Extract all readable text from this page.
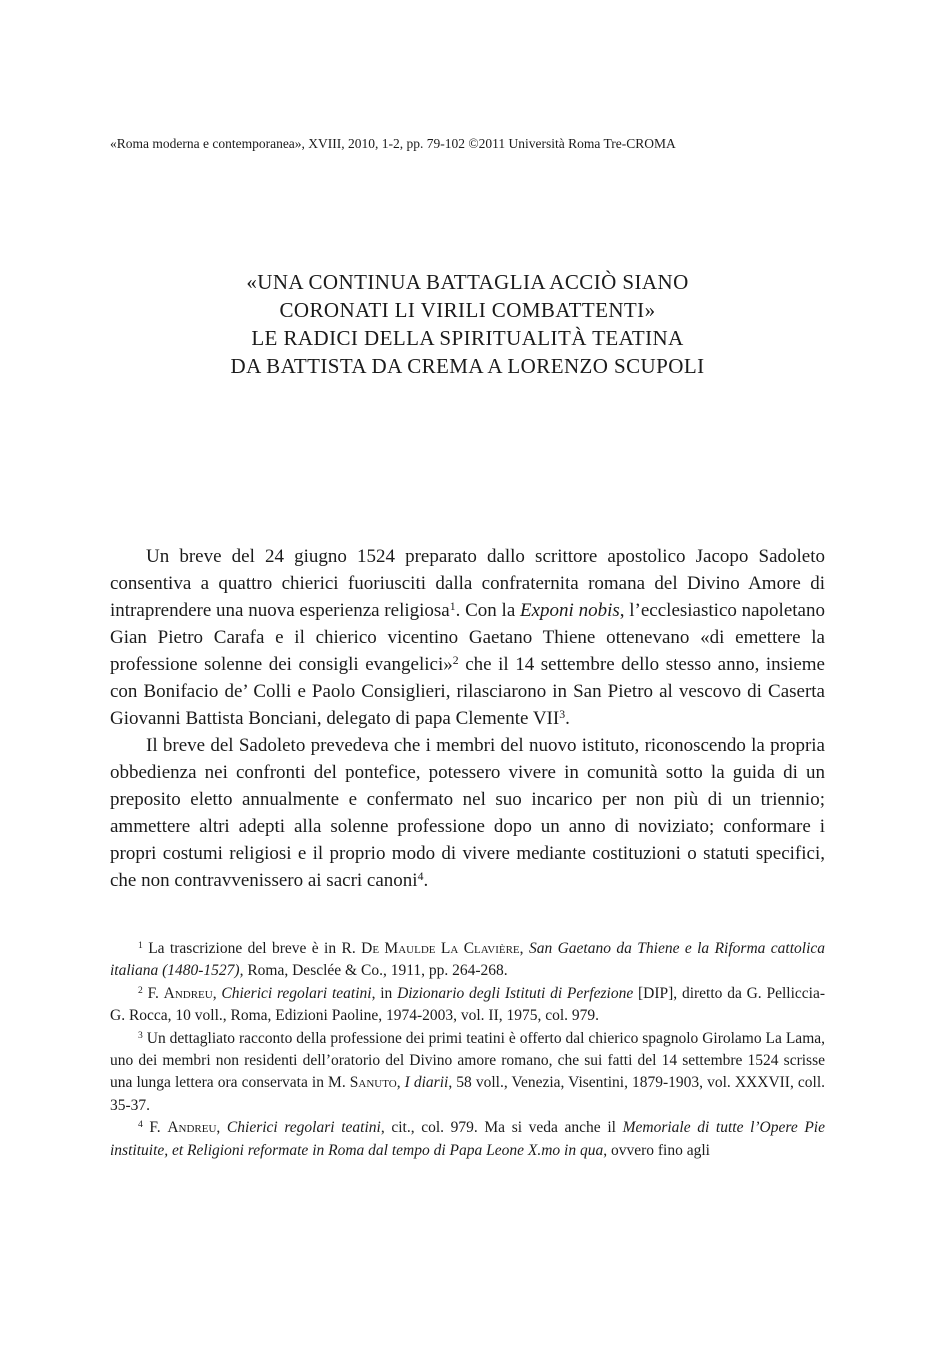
«Roma moderna e contemporanea», XVIII, 2010, 1-2, pp. 79-102 ©2011 Università Roma Tre-CROMA
«UNA CONTINUA BATTAGLIA ACCIÒ SIANO
CORONATI LI VIRILI COMBATTENTI»
LE RADICI DELLA SPIRITUALITÀ TEATINA
DA BATTISTA DA CREMA A LORENZO SCUPOLI

Un breve del 24 giugno 1524 preparato dallo scrittore apostolico Jacopo Sadoleto consentiva a quattro chierici fuoriusciti dalla confraternita romana del Divino Amore di intraprendere una nuova esperienza religiosa$^1$. Con la Exponi nobis, l’ecclesiastico napoletano Gian Pietro Carafa e il chierico vicentino Gaetano Thiene ottenevano «di emettere la professione solenne dei consigli evangelici»$^2$ che il 14 settembre dello stesso anno, insieme con Bonifacio de’ Colli e Paolo Consiglieri, rilasciarono in San Pietro al vescovo di Caserta Giovanni Battista Bonciani, delegato di papa Clemente VII$^3$.

Il breve del Sadoleto prevedeva che i membri del nuovo istituto, riconoscendo la propria obbedienza nei confronti del pontefice, potessero vivere in comunità sotto la guida di un preposito eletto annualmente e confermato nel suo incarico per non più di un triennio; ammettere altri adepti alla solenne professione dopo un anno di noviziato; conformare i propri costumi religiosi e il proprio modo di vivere mediante costituzioni o statuti specifici, che non contravvenissero ai sacri canoni$^4$.

$^1$ La trascrizione del breve è in R. De Maulde La Clavière, San Gaetano da Thiene e la Riforma cattolica italiana (1480-1527), Roma, Desclée & Co., 1911, pp. 264-268.

$^2$ F. Andreu, Chierici regolari teatini, in Dizionario degli Istituti di Perfezione [DIP], diretto da G. Pelliccia-G. Rocca, 10 voll., Roma, Edizioni Paoline, 1974-2003, vol. II, 1975, col. 979.

$^3$ Un dettagliato racconto della professione dei primi teatini è offerto dal chierico spagnolo Girolamo La Lama, uno dei membri non residenti dell’oratorio del Divino amore romano, che sui fatti del 14 settembre 1524 scrisse una lunga lettera ora conservata in M. Sanuto, I diarii, 58 voll., Venezia, Visentini, 1879-1903, vol. XXXVII, coll. 35-37.

$^4$ F. Andreu, Chierici regolari teatini, cit., col. 979. Ma si veda anche il Memoriale di tutte l’Opere Pie instituite, et Religioni reformate in Roma dal tempo di Papa Leone X.mo in qua, ovvero fino agli
